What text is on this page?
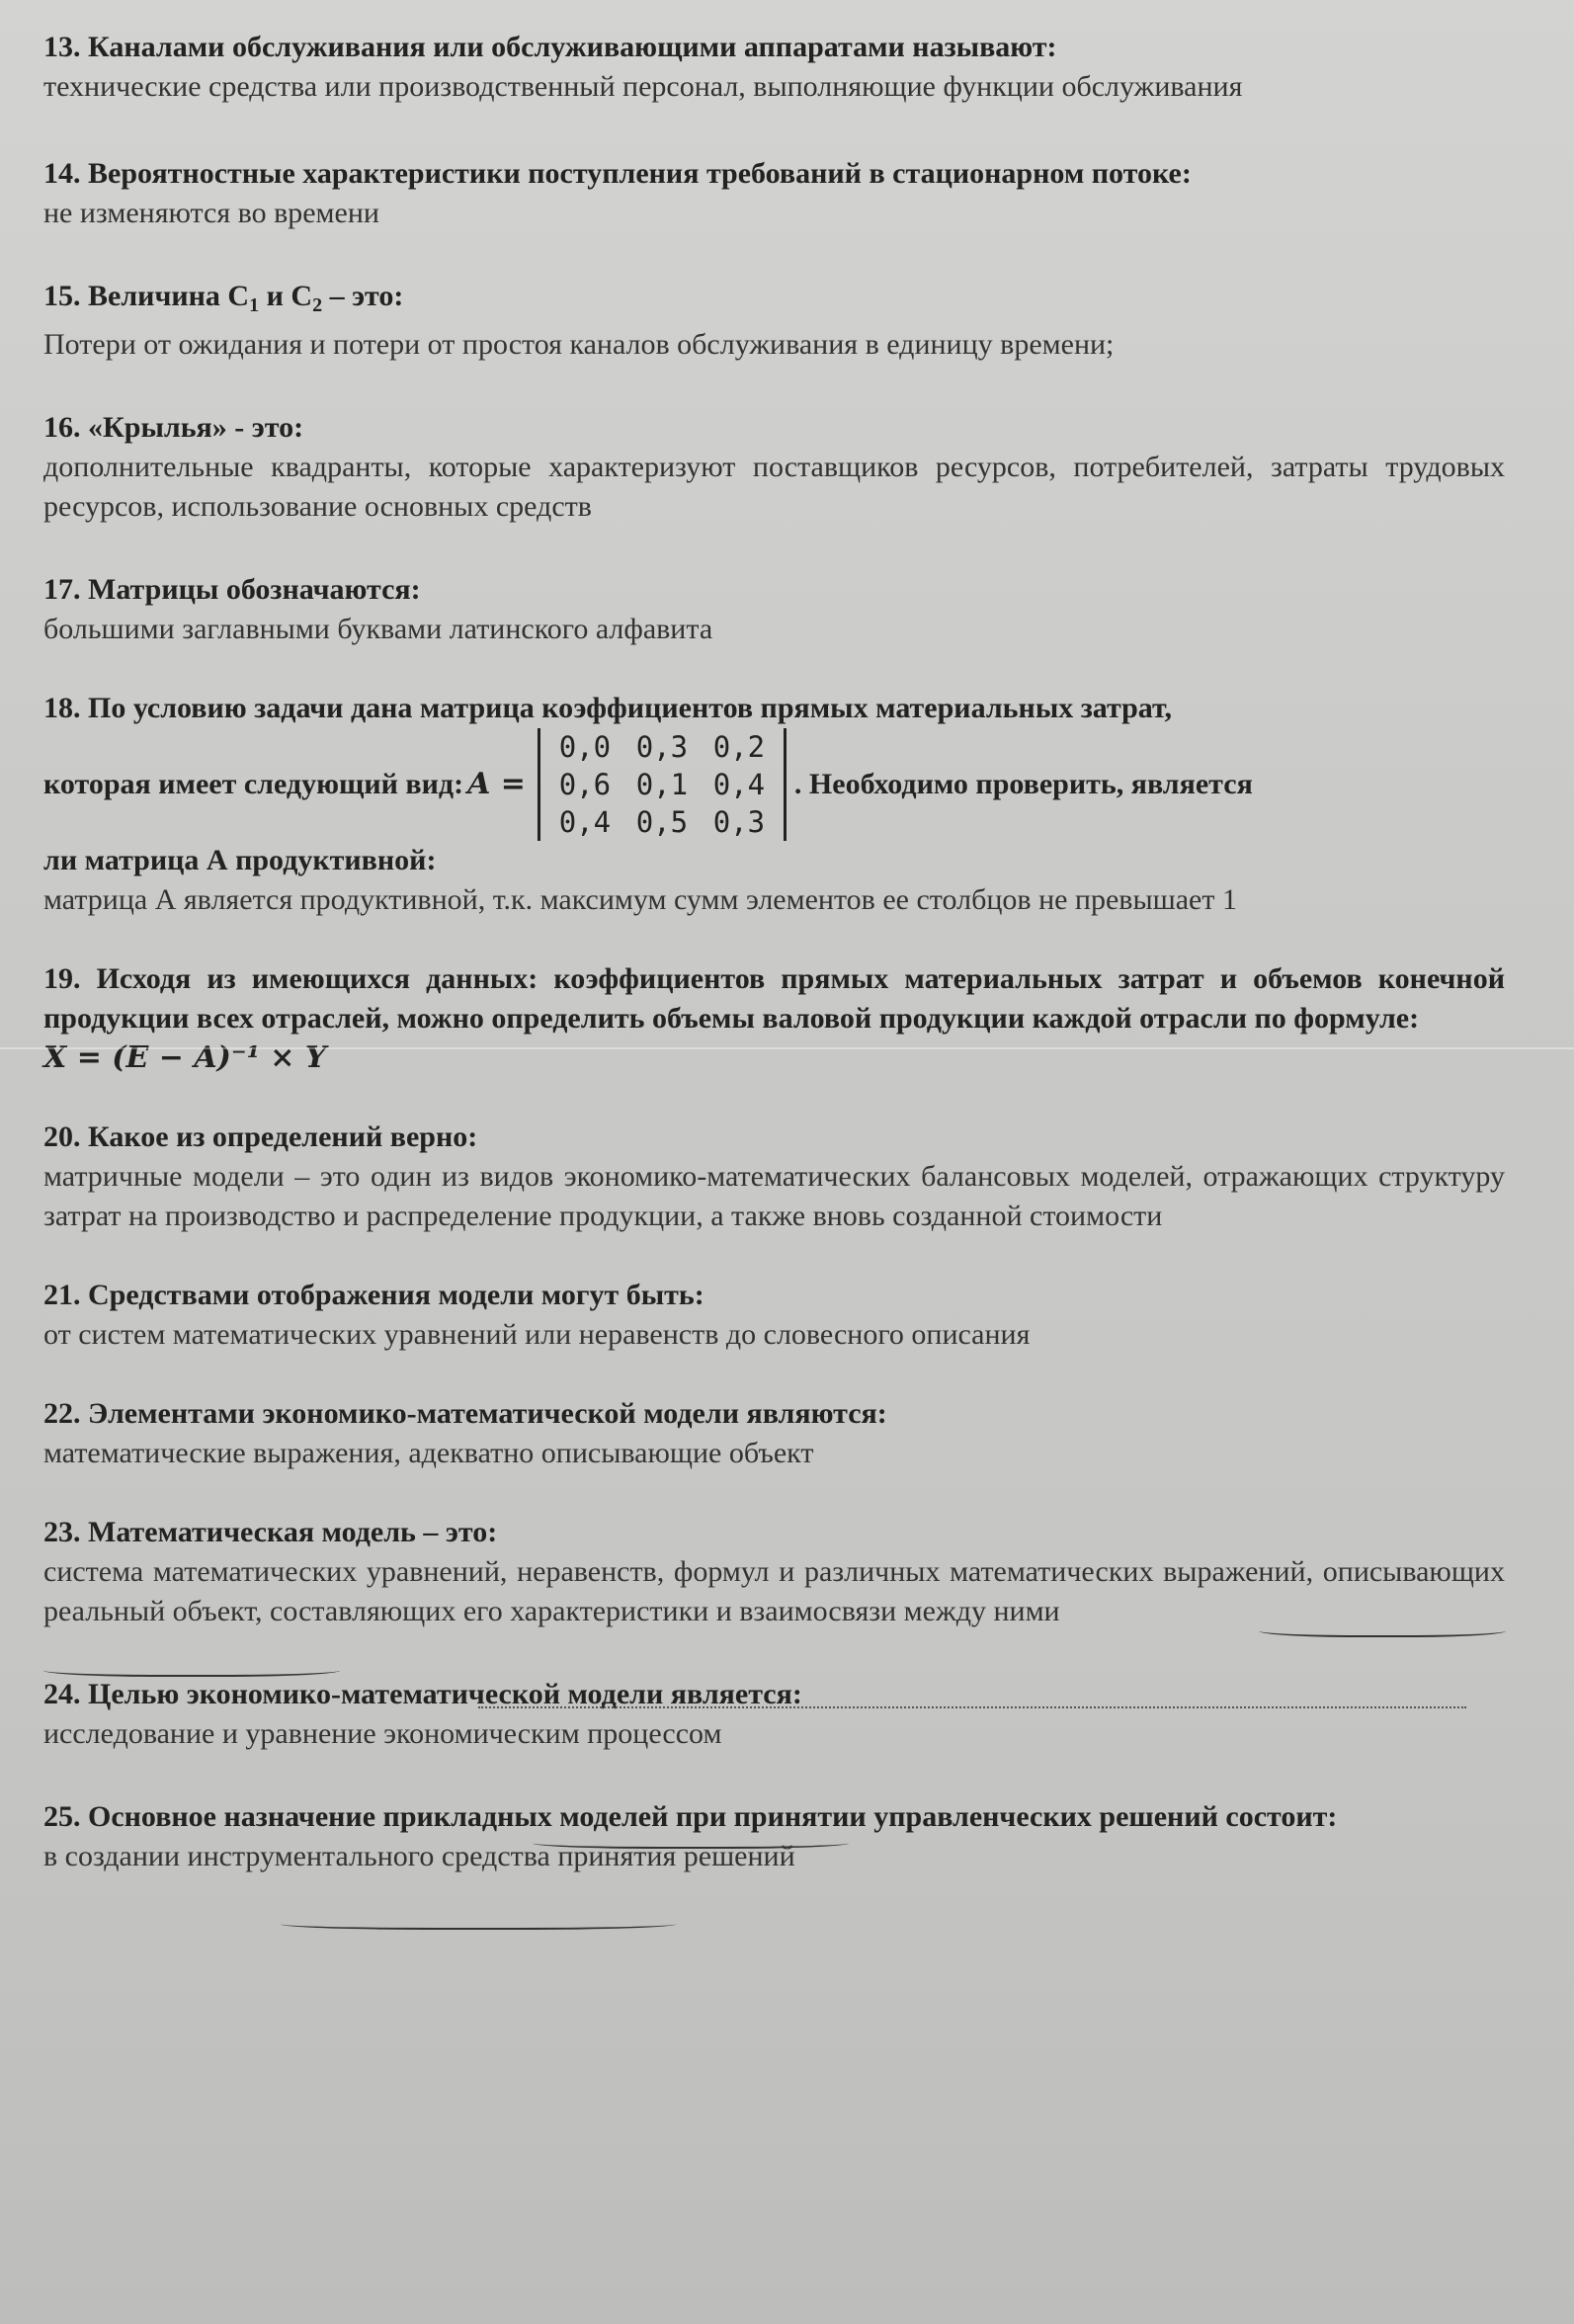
13. Каналами обслуживания или обслуживающими аппаратами называют:
технические средства или производственный персонал, выполняющие функции обслуживания
14. Вероятностные характеристики поступления требований в стационарном потоке:
не изменяются во времени
15. Величина $C_1$ и $C_2$ – это:
Потери от ожидания и потери от простоя каналов обслуживания в единицу времени;
16. «Крылья» - это:
дополнительные квадранты, которые характеризуют поставщиков ресурсов, потребителей, затраты трудовых ресурсов, использование основных средств
17. Матрицы обозначаются:
большими заглавными буквами латинского алфавита
18. По условию задачи дана матрица коэффициентов прямых материальных затрат,
которая имеет следующий вид: A =
0,0 0,3 0,2
0,6 0,1 0,4
0,4 0,5 0,3
. Необходимо проверить, является
ли матрица А продуктивной:
матрица А является продуктивной, т.к. максимум сумм элементов ее столбцов не превышает 1
19. Исходя из имеющихся данных: коэффициентов прямых материальных затрат и объемов конечной продукции всех отраслей, можно определить объемы валовой продукции каждой отрасли по формуле:
X = (E − A)⁻¹ × Y
20. Какое из определений верно:
матричные модели – это один из видов экономико-математических балансовых моделей, отражающих структуру затрат на производство и распределение продукции, а также вновь созданной стоимости
21. Средствами отображения модели могут быть:
от систем математических уравнений или неравенств до словесного описания
22. Элементами экономико-математической модели являются:
математические выражения, адекватно описывающие объект
23. Математическая модель – это:
система математических уравнений, неравенств, формул и различных математических выражений, описывающих реальный объект, составляющих его характеристики и взаимосвязи между ними
24. Целью экономико-математической модели является:
исследование и уравнение экономическим процессом
25. Основное назначение прикладных моделей при принятии управленческих решений состоит:
в создании инструментального средства принятия решений
